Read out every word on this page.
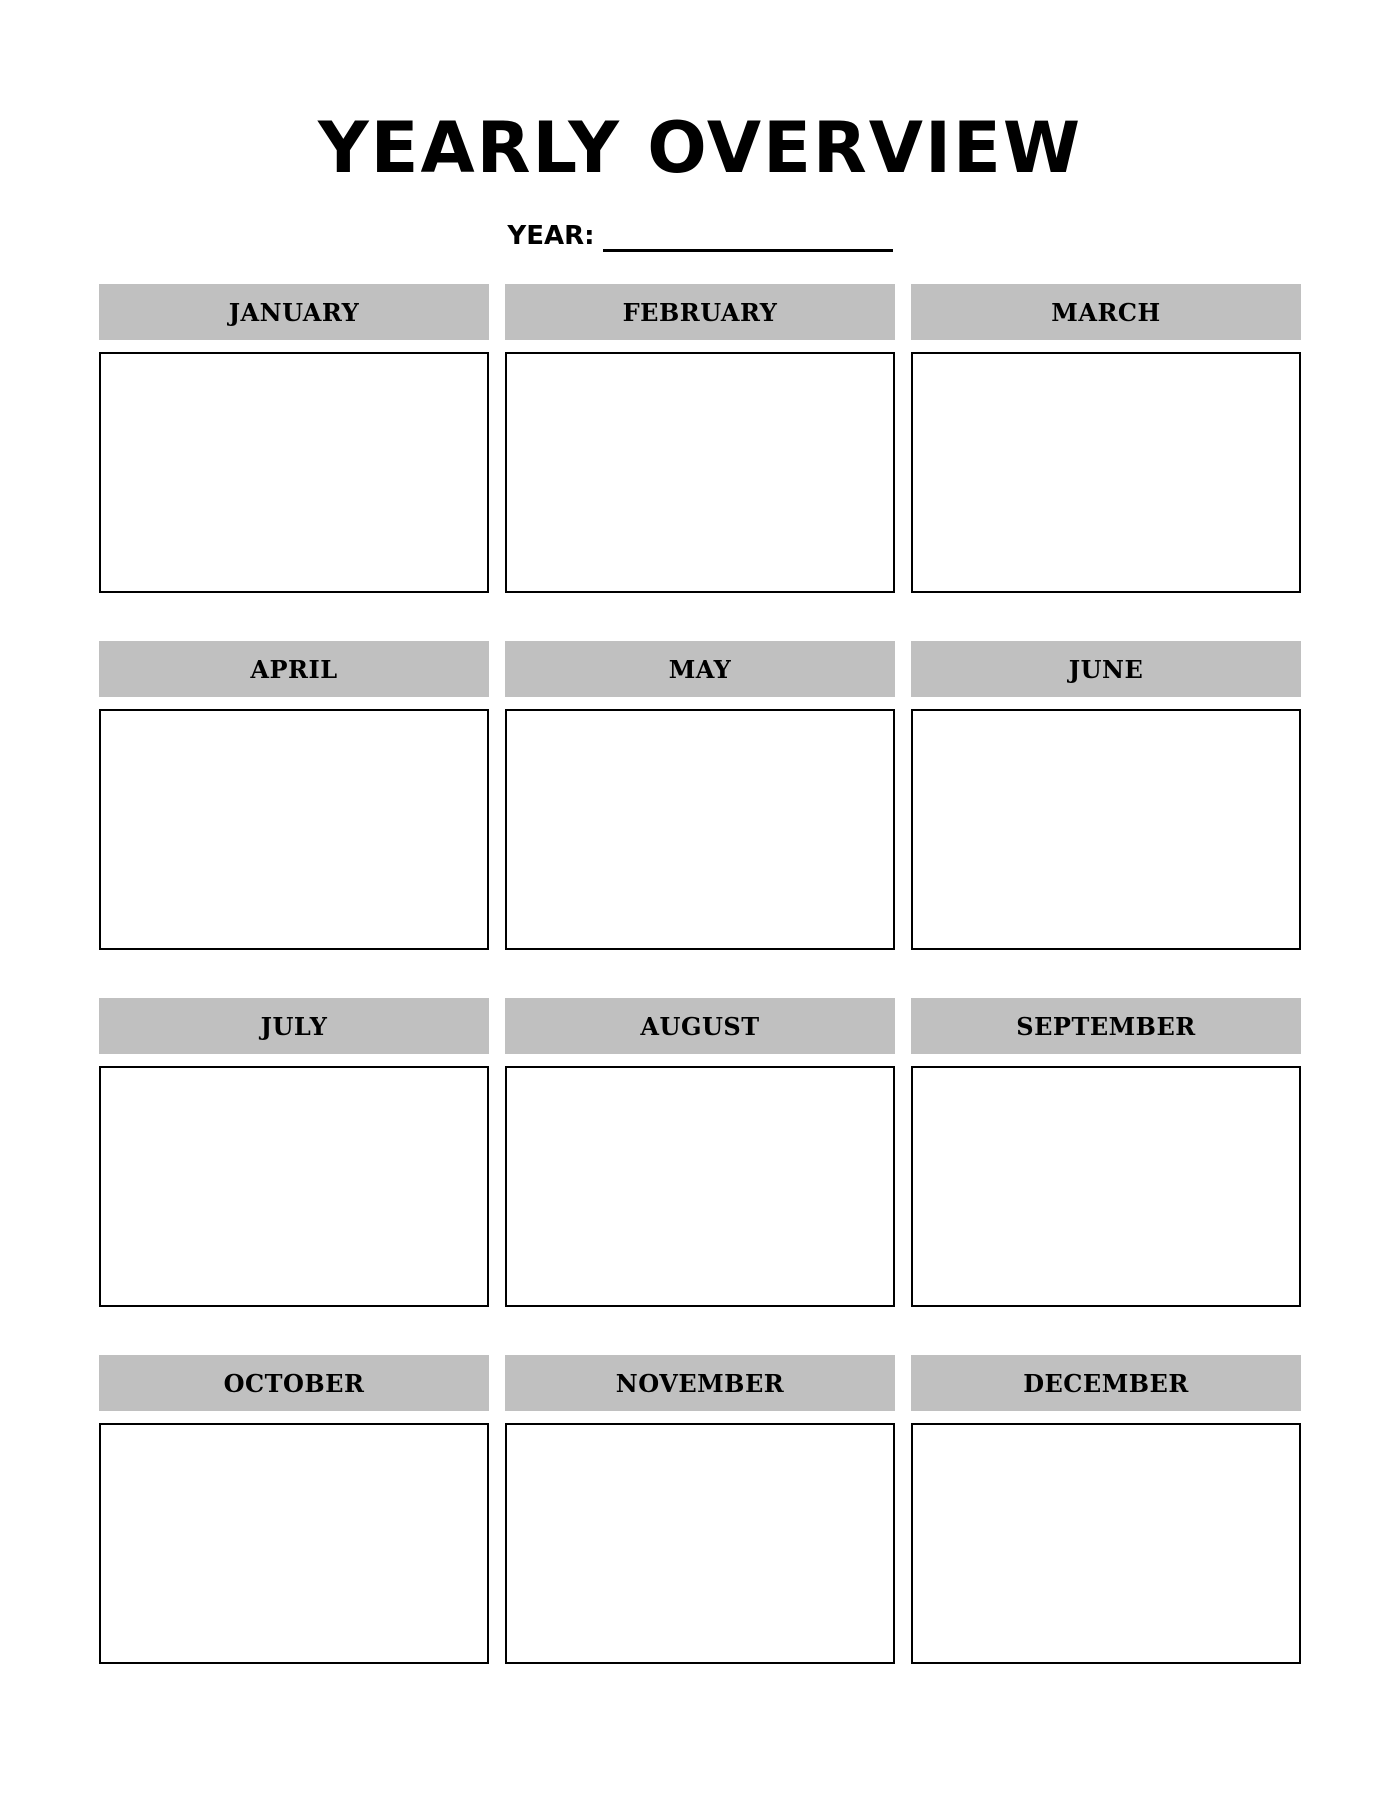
YEARLY OVERVIEW
YEAR:
JANUARY	FEBRUARY	MARCH
APRIL	MAY	JUNE
JULY	AUGUST	SEPTEMBER
OCTOBER	NOVEMBER	DECEMBER
